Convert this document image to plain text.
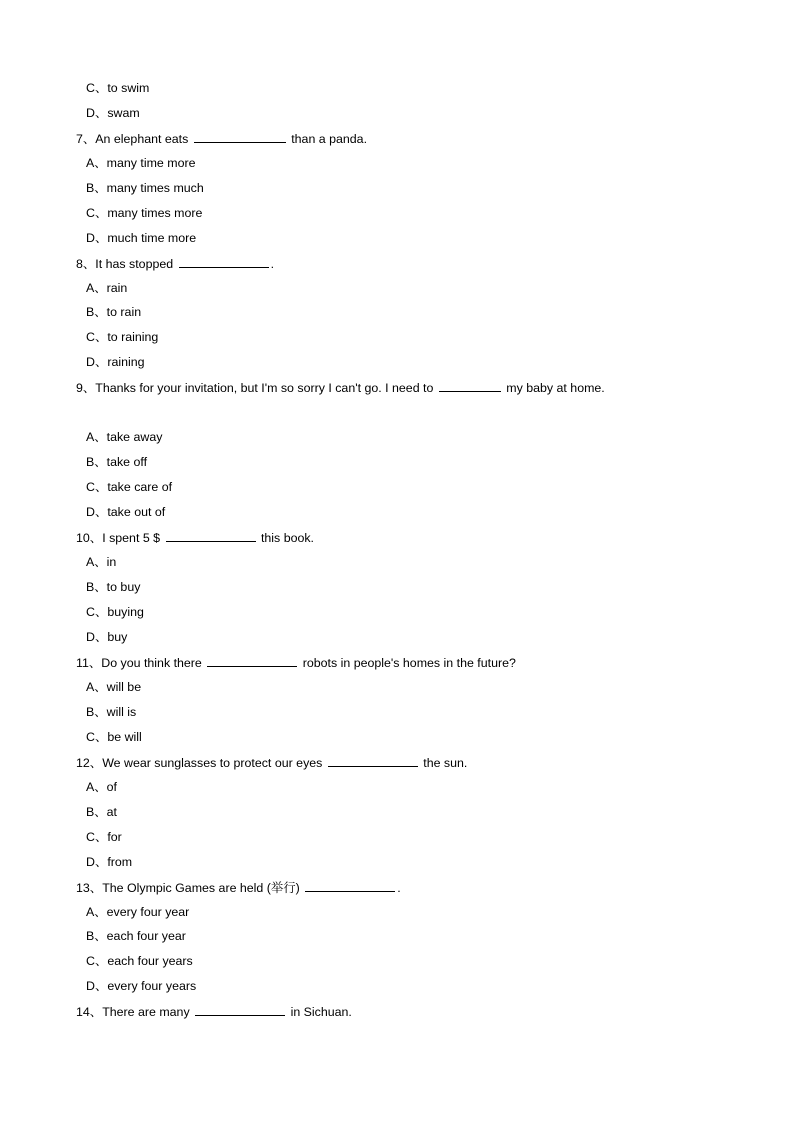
C、to swim
D、swam
7、An elephant eats	than a panda.
A、many time more
B、many times much
C、many times more
D、much time more
8、It has stopped	.
A、rain
B、to rain
C、to raining
D、raining
9、Thanks for your invitation, but I'm so sorry I can't go. I need to	my baby at home.
A、take away
B、take off
C、take care of
D、take out of
10、I spent 5 $	this book.
A、in
B、to buy
C、buying
D、buy
11、Do you think there	robots in people's homes in the future?
A、will be
B、will is
C、be will
12、We wear sunglasses to protect our eyes	the sun.
A、of
B、at
C、for
D、from
13、The Olympic Games are held (举行)	.
A、every four year
B、each four year
C、each four years
D、every four years
14、There are many	in Sichuan.
